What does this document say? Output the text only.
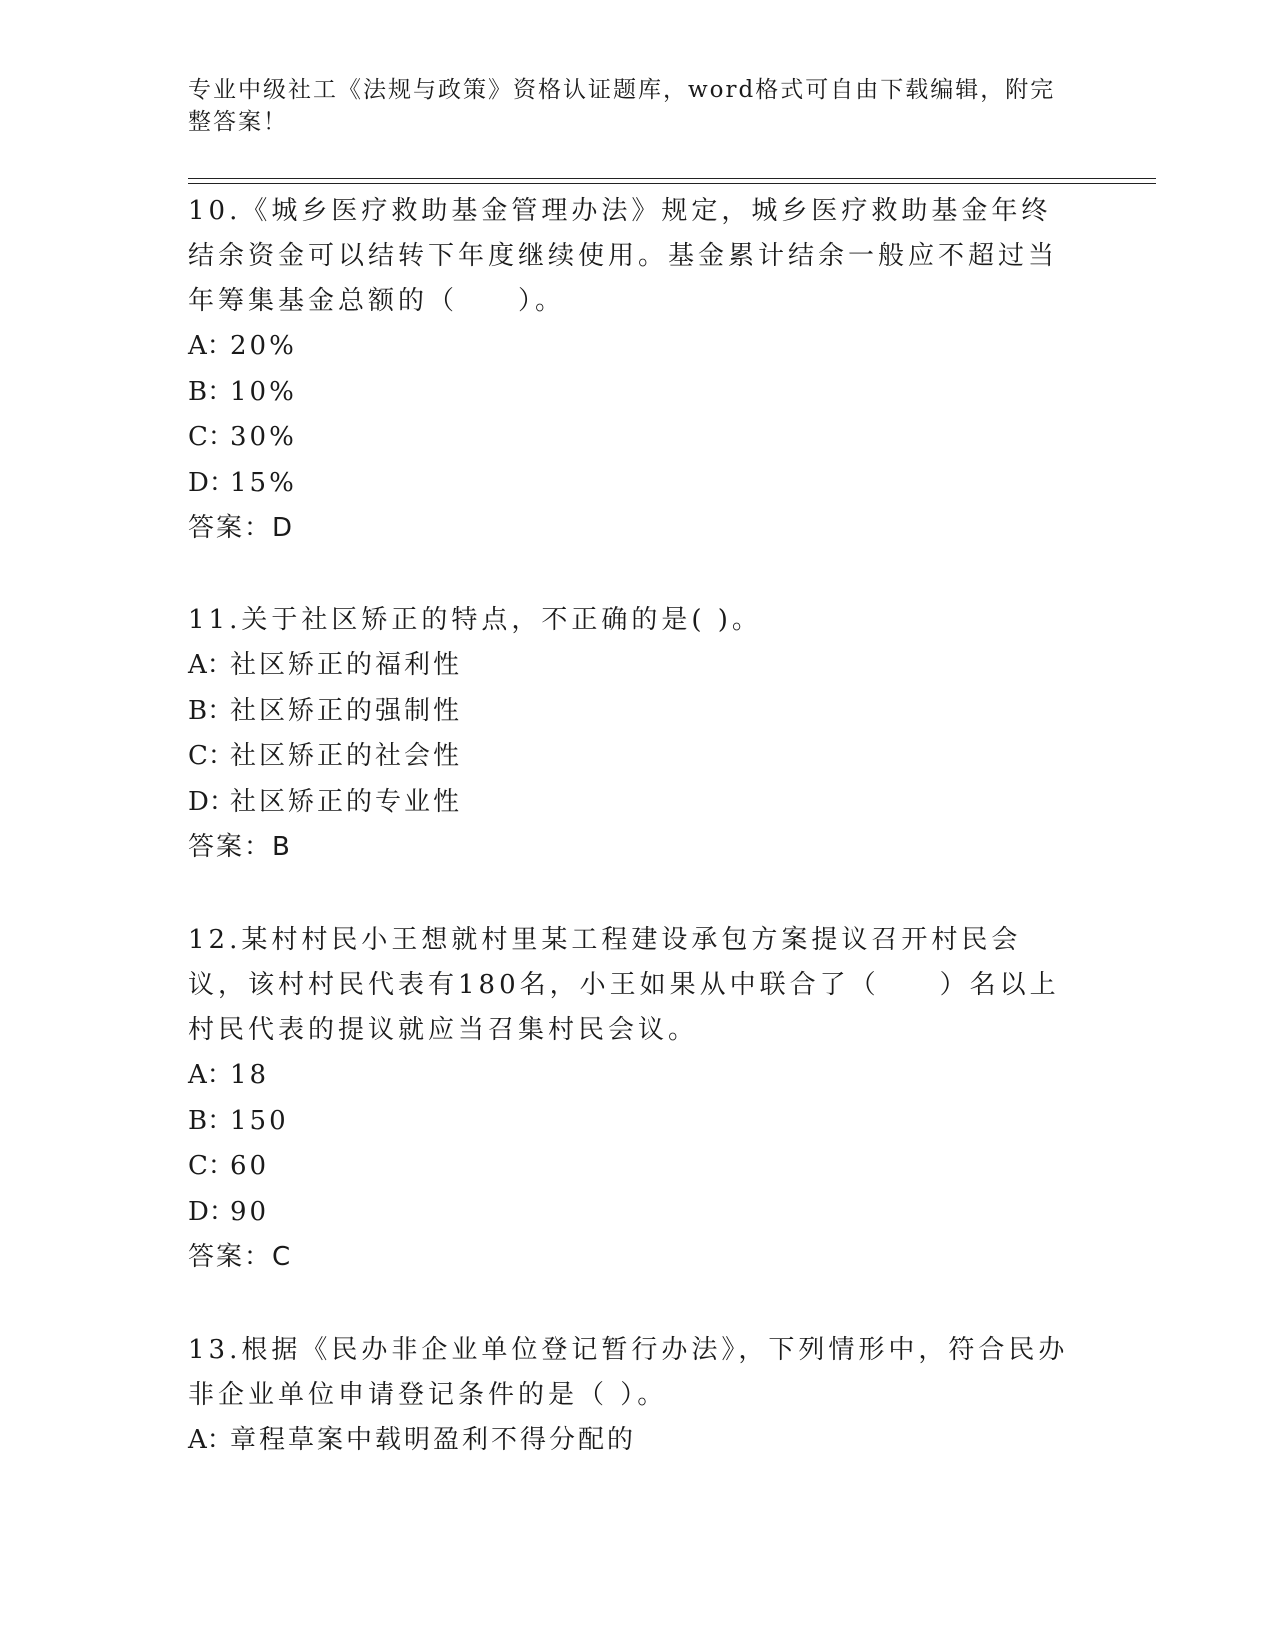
专业中级社工《法规与政策》资格认证题库，word格式可自由下载编辑，附完整答案！

10.《城乡医疗救助基金管理办法》规定，城乡医疗救助基金年终结余资金可以结转下年度继续使用。基金累计结余一般应不超过当年筹集基金总额的（　　）。

A：20%
B：10%
C：30%
D：15%
答案：D

11.关于社区矫正的特点，不正确的是( )。

A：社区矫正的福利性
B：社区矫正的强制性
C：社区矫正的社会性
D：社区矫正的专业性
答案：B

12.某村村民小王想就村里某工程建设承包方案提议召开村民会议，该村村民代表有180名，小王如果从中联合了（　　）名以上村民代表的提议就应当召集村民会议。

A：18
B：150
C：60
D：90
答案：C

13.根据《民办非企业单位登记暂行办法》，下列情形中，符合民办非企业单位申请登记条件的是（ ）。

A：章程草案中载明盈利不得分配的
